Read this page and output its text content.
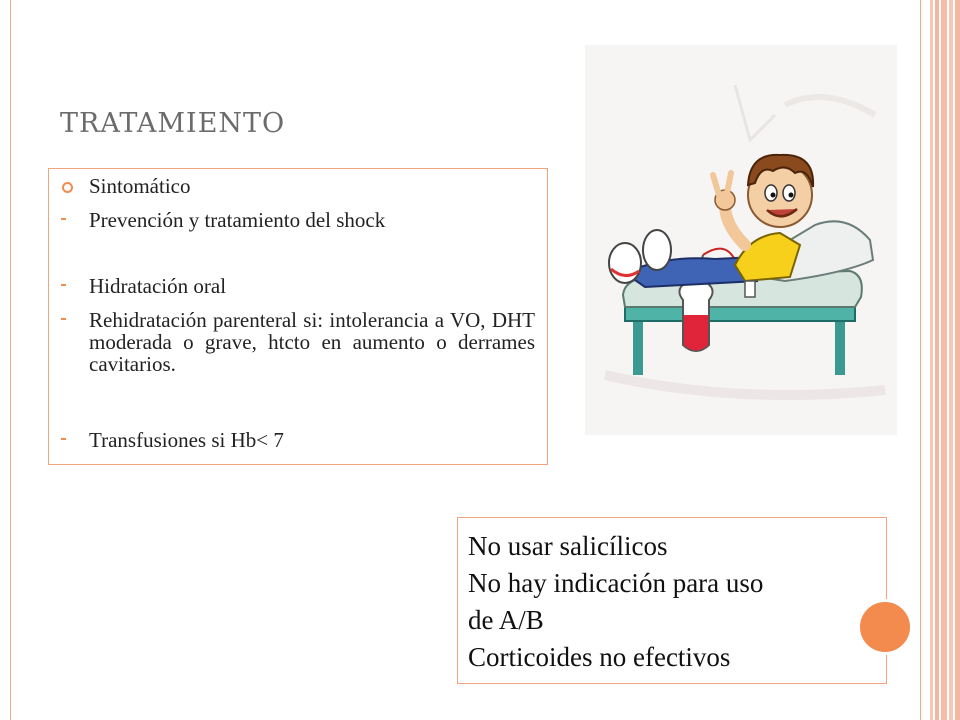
TRATAMIENTO
Sintomático
Prevención y tratamiento del shock
Hidratación oral
Rehidratación parenteral si: intolerancia a VO, DHT moderada o grave, htcto en aumento o derrames cavitarios.
Transfusiones si Hb< 7
No usar salicílicos
No hay indicación para uso
de A/B
Corticoides no efectivos
